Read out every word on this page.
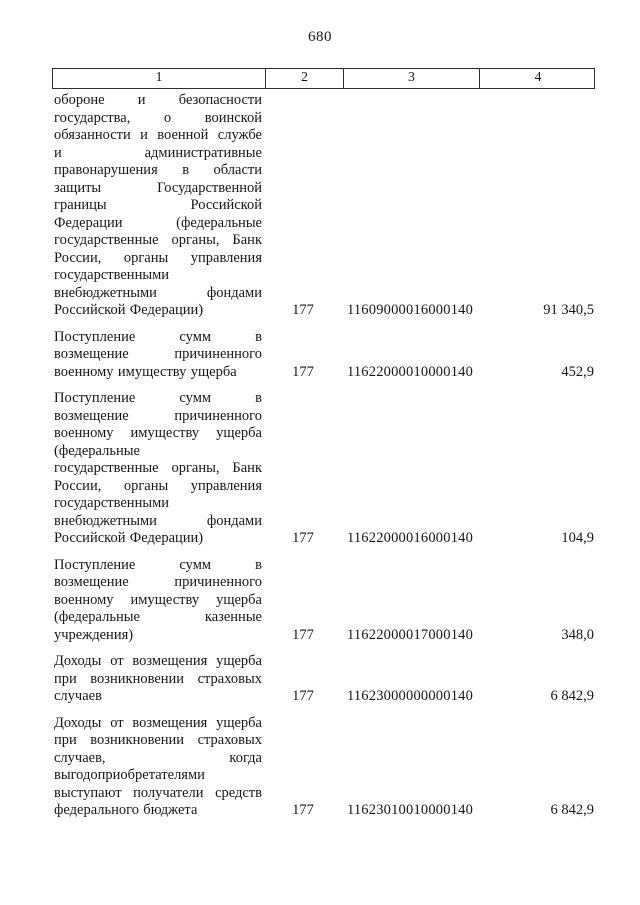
680
1	2	3	4
обороне и безопасности
государства, о воинской
обязанности и военной службе
и административные
правонарушения в области
защиты Государственной
границы Российской
Федерации (федеральные
государственные органы, Банк
России, органы управления
государственными
внебюджетными фондами
Российской Федерации)	177	11609000016000140	91 340,5
Поступление сумм в
возмещение причиненного
военному имуществу ущерба	177	11622000010000140	452,9
Поступление сумм в
возмещение причиненного
военному имуществу ущерба
(федеральные
государственные органы, Банк
России, органы управления
государственными
внебюджетными фондами
Российской Федерации)	177	11622000016000140	104,9
Поступление сумм в
возмещение причиненного
военному имуществу ущерба
(федеральные казенные
учреждения)	177	11622000017000140	348,0
Доходы от возмещения ущерба
при возникновении страховых
случаев	177	11623000000000140	6 842,9
Доходы от возмещения ущерба
при возникновении страховых
случаев, когда
выгодоприобретателями
выступают получатели средств
федерального бюджета	177	11623010010000140	6 842,9
